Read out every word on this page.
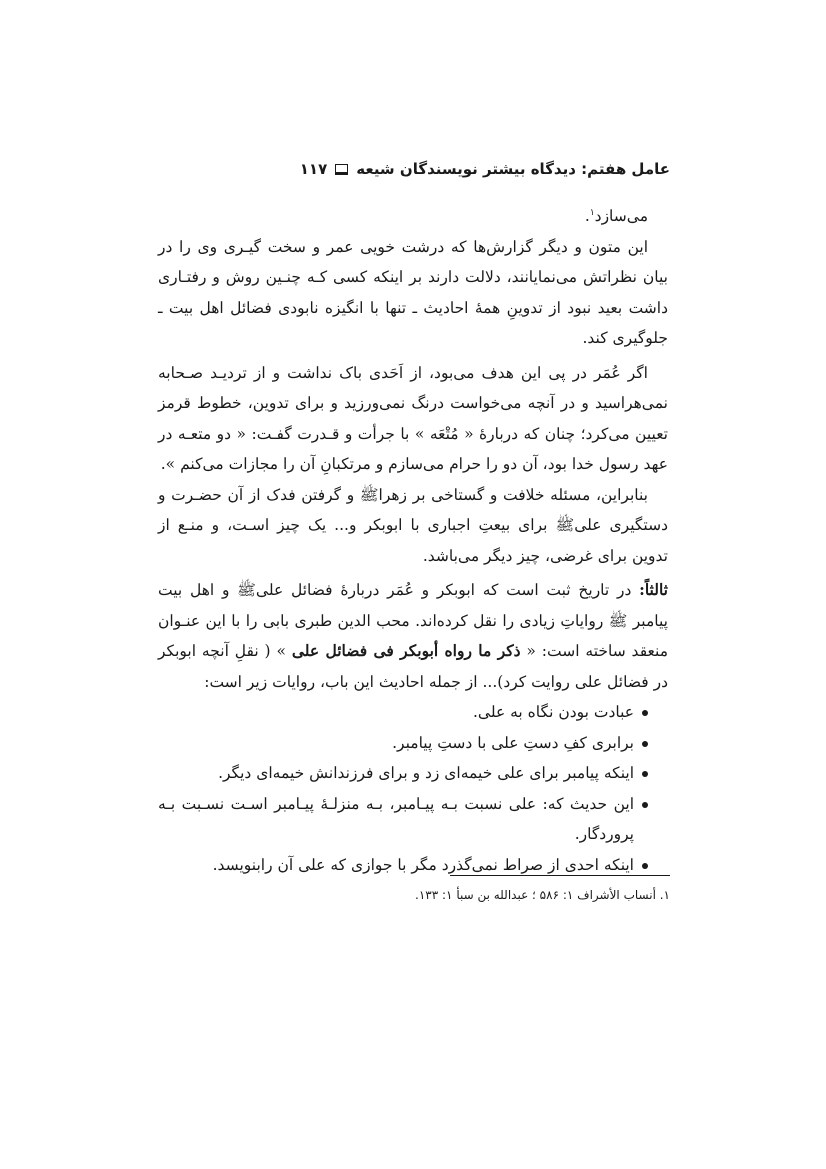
عامل هفتم: دیدگاه بیشتر نویسندگان شیعه
۱۱۷

می‌سازد$^۱$.

این متون و دیگر گزارش‌ها که درشت خویی عمر و سخت گیـری وی را در بیان نظراتش می‌نمایانند، دلالت دارند بر اینکه کسی کـه چنـین روش و رفتـاری داشت بعید نبود از تدوینِ همهٔ احادیث ـ تنها با انگیزه نابودی فضائل اهل بیت ـ جلوگیری کند.

اگر عُمَر در پی این هدف می‌بود، از اَحَدی باک نداشت و از تردیـد صـحابه نمی‌هراسید و در آنچه می‌خواست درنگ نمی‌ورزید و برای تدوین، خطوط قرمز تعیین می‌کرد؛ چنان که دربارهٔ « مُتْعَه » با جرأت و قـدرت گفـت: « دو متعـه در عهد رسول خدا بود، آن دو را حرام می‌سازم و مرتکبانِ آن را مجازات می‌کنم ».

بنابراین، مسئله خلافت و گستاخی بر زهراﷺ و گرفتن فدک از آن حضـرت و دستگیری علیﷺ برای بیعتِ اجباری با ابوبکر و... یک چیز اسـت، و منـع از تدوین برای غرضی، چیز دیگر می‌باشد.

ثالثاً: در تاریخ ثبت است که ابوبکر و عُمَر دربارهٔ فضائل علیﷺ و اهل بیت پیامبر ﷺ روایاتِ زیادی را نقل کرده‌اند. محب الدین طبری بابی را با این عنـوان منعقد ساخته است: « ذکر ما رواه أبوبکر فی فضائل علی » ( نقلِ آنچه ابوبکر در فضائل علی روایت کرد)... از جمله احادیث این باب، روایات زیر است:

عبادت بودن نگاه به علی.
برابری کفِ دستِ علی با دستِ پیامبر.
اینکه پیامبر برای علی خیمه‌ای زد و برای فرزندانش خیمه‌ای دیگر.
این حدیث که: علی نسبت بـه پیـامبر، بـه منزلـهٔ پیـامبر اسـت نسـبت بـه پروردگار.
اینکه احدی از صراط نمی‌گذرد مگر با جوازی که علی آن رابنویسد.
۱. أنساب الأشراف ۱: ۵۸۶ ؛ عبدالله بن سبأ ۱: ۱۳۳.
